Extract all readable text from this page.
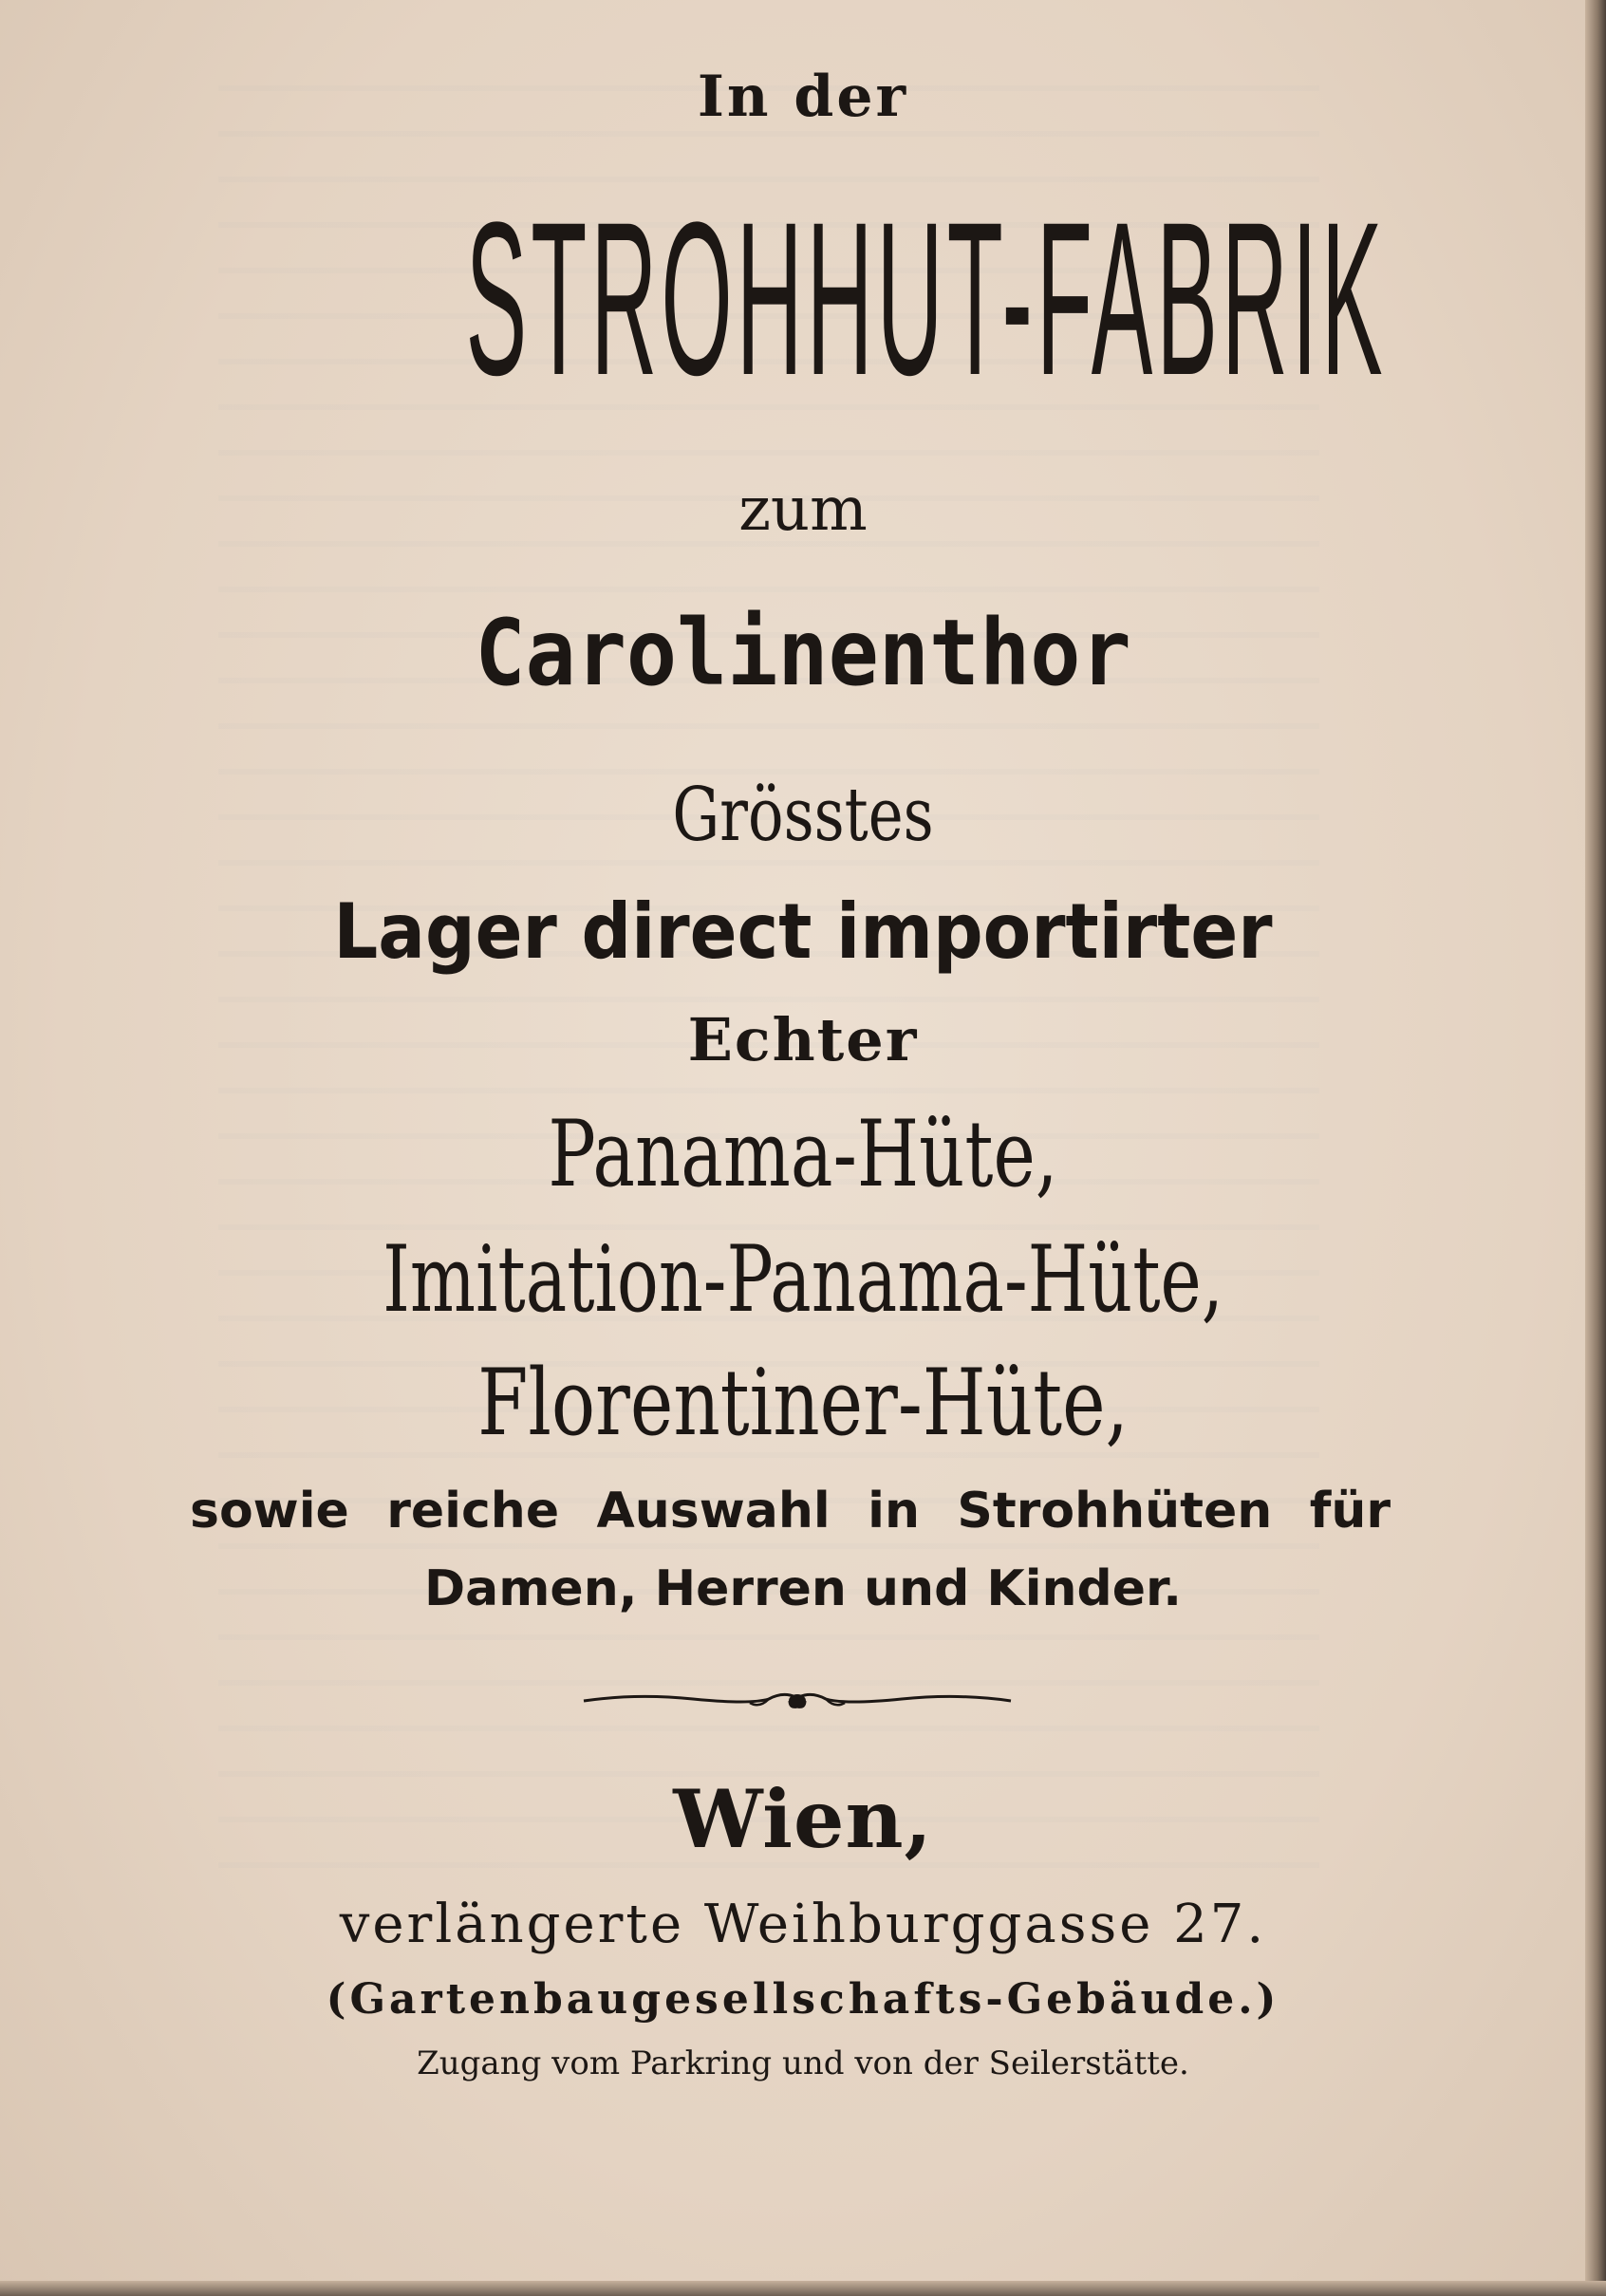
In der
STROHHUT-FABRIK
zum
Carolinenthor
Grösstes
Lager direct importirter
Echter
Panama-Hüte,
Imitation-Panama-Hüte,
Florentiner-Hüte,
sowie reiche Auswahl in Strohhüten für
Damen, Herren und Kinder.
Wien,
verlängerte Weihburggasse 27.
(Gartenbaugesellschafts-Gebäude.)
Zugang vom Parkring und von der Seilerstätte.
